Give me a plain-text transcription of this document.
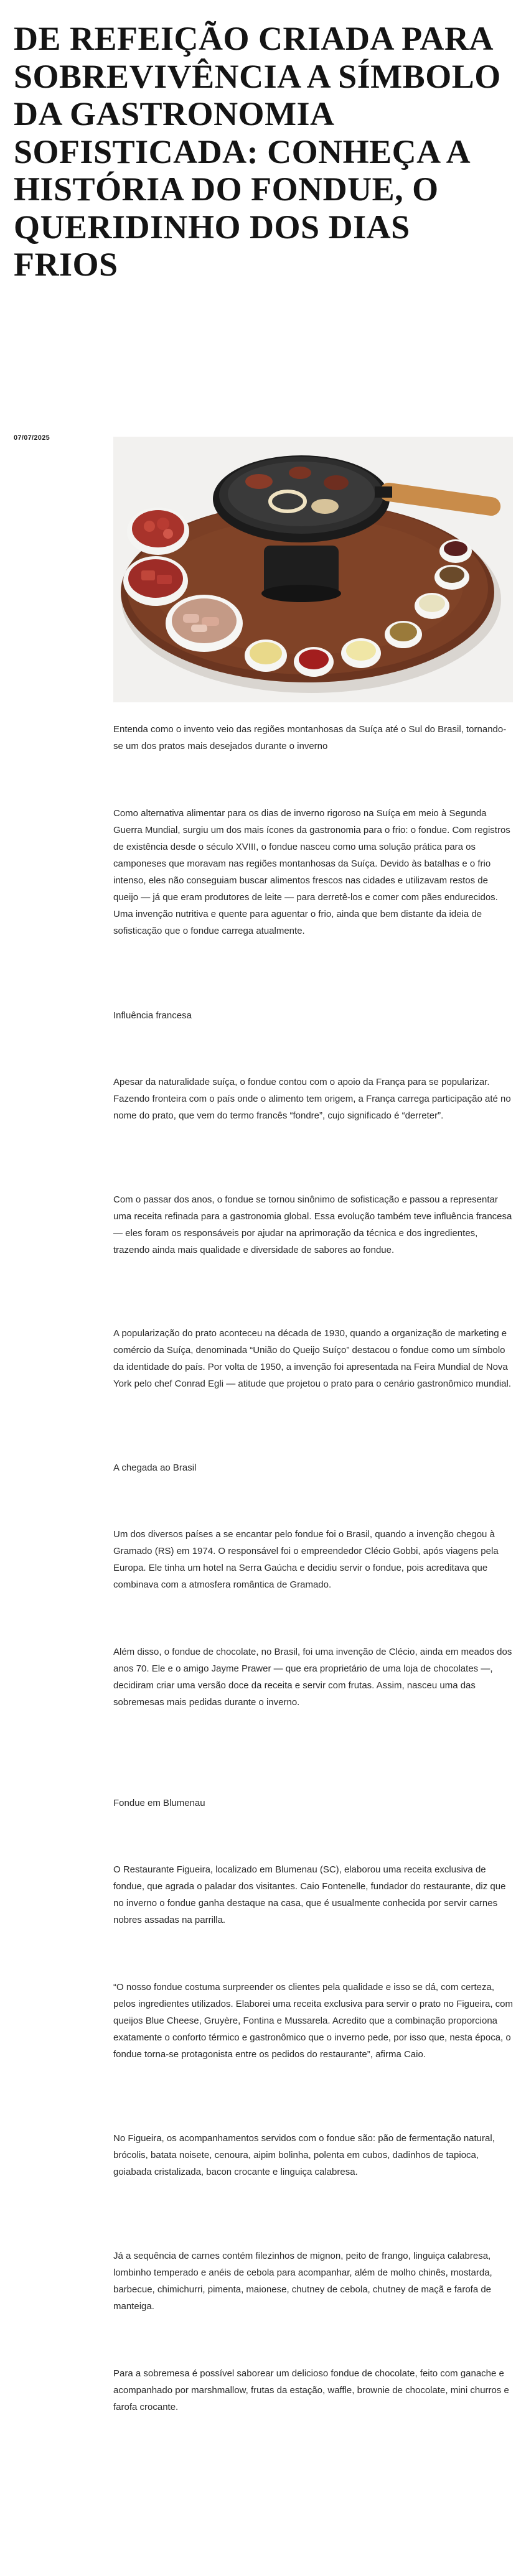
DE REFEIÇÃO CRIADA PARA SOBREVIVÊNCIA A SÍMBOLO DA GASTRONOMIA SOFISTICADA: CONHEÇA A HISTÓRIA DO FONDUE, O QUERIDINHO DOS DIAS FRIOS
07/07/2025

Entenda como o invento veio das regiões montanhosas da Suíça até o Sul do Brasil, tornando-se um dos pratos mais desejados durante o inverno

Como alternativa alimentar para os dias de inverno rigoroso na Suíça em meio à Segunda Guerra Mundial, surgiu um dos mais ícones da gastronomia para o frio: o fondue. Com registros de existência desde o século XVIII, o fondue nasceu como uma solução prática para os camponeses que moravam nas regiões montanhosas da Suíça. Devido às batalhas e o frio intenso, eles não conseguiam buscar alimentos frescos nas cidades e utilizavam restos de queijo — já que eram produtores de leite — para derretê-los e comer com pães endurecidos. Uma invenção nutritiva e quente para aguentar o frio, ainda que bem distante da ideia de sofisticação que o fondue carrega atualmente.

Influência francesa

Apesar da naturalidade suíça, o fondue contou com o apoio da França para se popularizar. Fazendo fronteira com o país onde o alimento tem origem, a França carrega participação até no nome do prato, que vem do termo francês “fondre”, cujo significado é “derreter”.

Com o passar dos anos, o fondue se tornou sinônimo de sofisticação e passou a representar uma receita refinada para a gastronomia global. Essa evolução também teve influência francesa — eles foram os responsáveis por ajudar na aprimoração da técnica e dos ingredientes, trazendo ainda mais qualidade e diversidade de sabores ao fondue.

A popularização do prato aconteceu na década de 1930, quando a organização de marketing e comércio da Suíça, denominada “União do Queijo Suíço” destacou o fondue como um símbolo da identidade do país. Por volta de 1950, a invenção foi apresentada na Feira Mundial de Nova York pelo chef Conrad Egli — atitude que projetou o prato para o cenário gastronômico mundial.

A chegada ao Brasil

Um dos diversos países a se encantar pelo fondue foi o Brasil, quando a invenção chegou à Gramado (RS) em 1974. O responsável foi o empreendedor Clécio Gobbi, após viagens pela Europa. Ele tinha um hotel na Serra Gaúcha e decidiu servir o fondue, pois acreditava que combinava com a atmosfera romântica de Gramado.

Além disso, o fondue de chocolate, no Brasil, foi uma invenção de Clécio, ainda em meados dos anos 70. Ele e o amigo Jayme Prawer — que era proprietário de uma loja de chocolates —, decidiram criar uma versão doce da receita e servir com frutas. Assim, nasceu uma das sobremesas mais pedidas durante o inverno.

Fondue em Blumenau

O Restaurante Figueira, localizado em Blumenau (SC), elaborou uma receita exclusiva de fondue, que agrada o paladar dos visitantes. Caio Fontenelle, fundador do restaurante, diz que no inverno o fondue ganha destaque na casa, que é usualmente conhecida por servir carnes nobres assadas na parrilla.

“O nosso fondue costuma surpreender os clientes pela qualidade e isso se dá, com certeza, pelos ingredientes utilizados. Elaborei uma receita exclusiva para servir o prato no Figueira, com queijos Blue Cheese, Gruyère, Fontina e Mussarela. Acredito que a combinação proporciona exatamente o conforto térmico e gastronômico que o inverno pede, por isso que, nesta época, o fondue torna-se protagonista entre os pedidos do restaurante”, afirma Caio.

No Figueira, os acompanhamentos servidos com o fondue são: pão de fermentação natural, brócolis, batata noisete, cenoura, aipim bolinha, polenta em cubos, dadinhos de tapioca, goiabada cristalizada, bacon crocante e linguiça calabresa.

Já a sequência de carnes contém filezinhos de mignon, peito de frango, linguiça calabresa, lombinho temperado e anéis de cebola para acompanhar, além de molho chinês, mostarda, barbecue, chimichurri, pimenta, maionese, chutney de cebola, chutney de maçã e farofa de manteiga.

Para a sobremesa é possível saborear um delicioso fondue de chocolate, feito com ganache e acompanhado por marshmallow, frutas da estação, waffle, brownie de chocolate, mini churros e farofa crocante.
